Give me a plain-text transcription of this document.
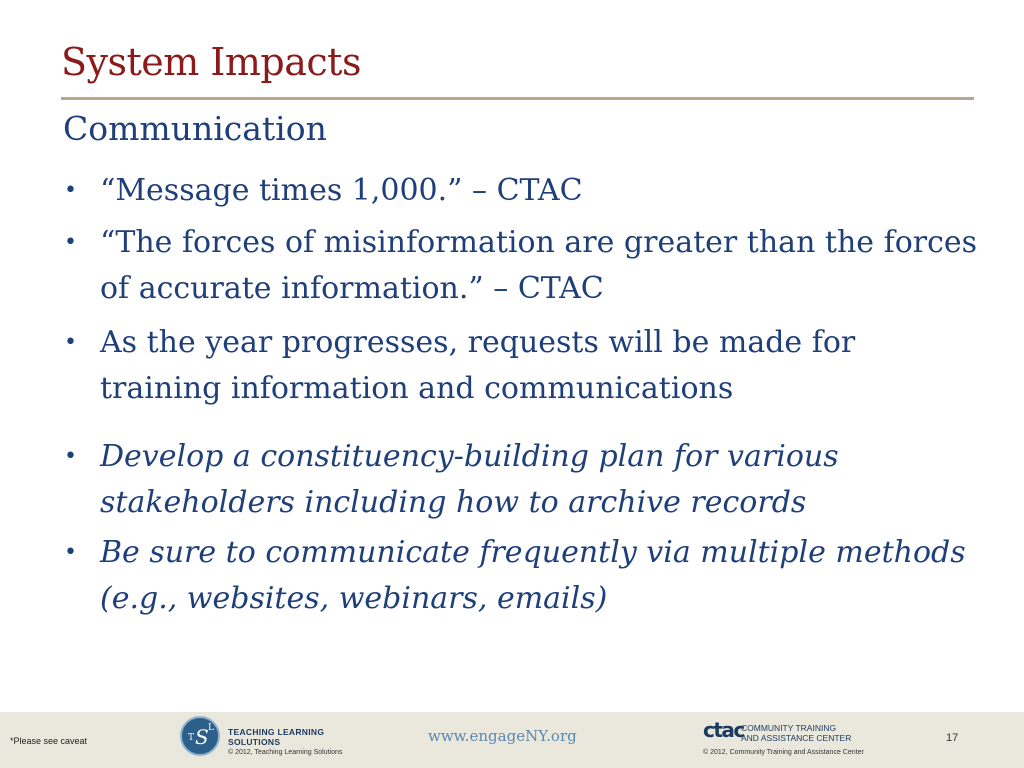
System Impacts
Communication
• “Message times 1,000.” – CTAC
• “The forces of misinformation are greater than the forces of accurate information.” – CTAC
• As the year progresses, requests will be made for training information and communications
• Develop a constituency-building plan for various stakeholders including how to archive records
• Be sure to communicate frequently via multiple methods (e.g., websites, webinars, emails)
*Please see caveat	T S L TEACHING LEARNING
SOLUTIONS
© 2012, Teaching Learning Solutions
www.engageNY.org	ctac
COMMUNITY TRAINING
AND ASSISTANCE CENTER
© 2012, Community Training and Assistance Center
17
